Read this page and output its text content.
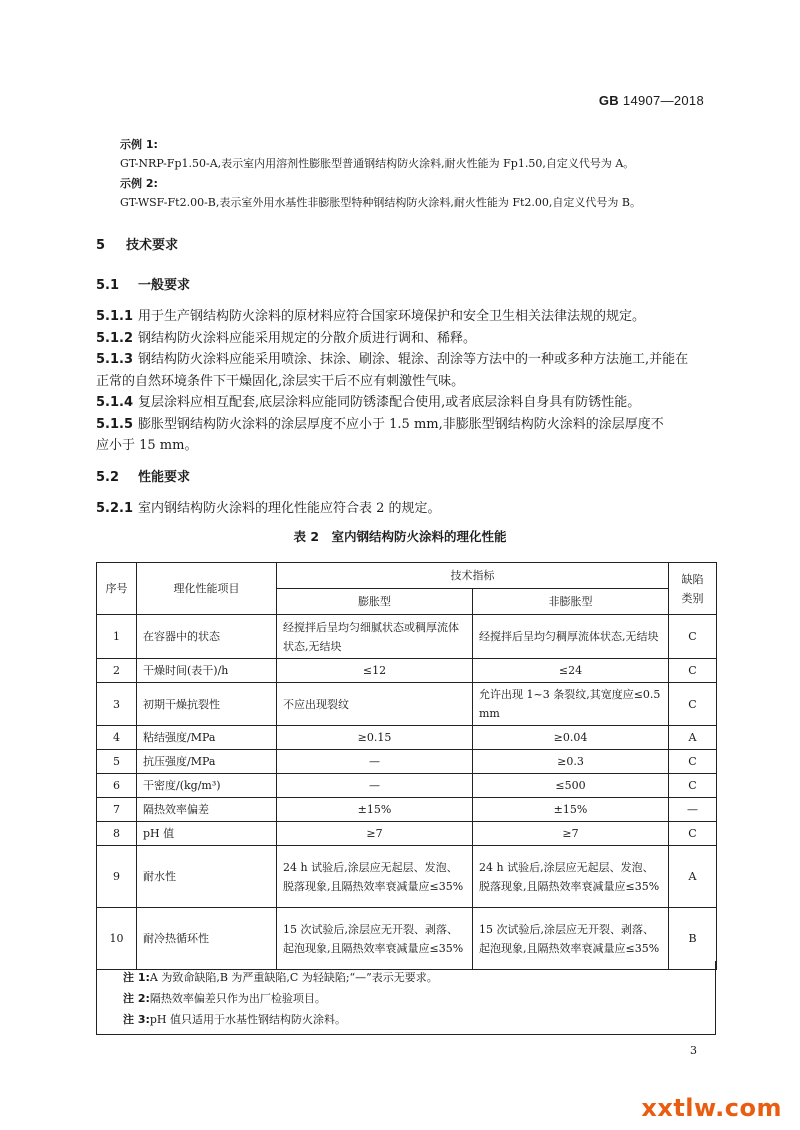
GB 14907—2018
示例 1:
GT-NRP-Fp1.50-A,表示室内用溶剂性膨胀型普通钢结构防火涂料,耐火性能为 Fp1.50,自定义代号为 A。
示例 2:
GT-WSF-Ft2.00-B,表示室外用水基性非膨胀型特种钢结构防火涂料,耐火性能为 Ft2.00,自定义代号为 B。
5 技术要求
5.1 一般要求
5.1.1 用于生产钢结构防火涂料的原材料应符合国家环境保护和安全卫生相关法律法规的规定。
5.1.2 钢结构防火涂料应能采用规定的分散介质进行调和、稀释。
5.1.3 钢结构防火涂料应能采用喷涂、抹涂、刷涂、辊涂、刮涂等方法中的一种或多种方法施工,并能在
正常的自然环境条件下干燥固化,涂层实干后不应有刺激性气味。
5.1.4 复层涂料应相互配套,底层涂料应能同防锈漆配合使用,或者底层涂料自身具有防锈性能。
5.1.5 膨胀型钢结构防火涂料的涂层厚度不应小于 1.5 mm,非膨胀型钢结构防火涂料的涂层厚度不
应小于 15 mm。
5.2 性能要求
5.2.1 室内钢结构防火涂料的理化性能应符合表 2 的规定。
表 2　室内钢结构防火涂料的理化性能
序号	理化性能项目	技术指标		缺陷类别
		膨胀型	非膨胀型	
1	在容器中的状态	经搅拌后呈均匀细腻状态或稠厚流体状态,无结块	经搅拌后呈均匀稠厚流体状态,无结块	C
2	干燥时间(表干)/h	≤12	≤24	C
3	初期干燥抗裂性	不应出现裂纹	允许出现 1~3 条裂纹,其宽度应≤0.5 mm	C
4	粘结强度/MPa	≥0.15	≥0.04	A
5	抗压强度/MPa	—	≥0.3	C
6	干密度/(kg/m³)	—	≤500	C
7	隔热效率偏差	±15%	±15%	—
8	pH 值	≥7	≥7	C
9	耐水性	24 h 试验后,涂层应无起层、发泡、脱落现象,且隔热效率衰减量应≤35%	24 h 试验后,涂层应无起层、发泡、脱落现象,且隔热效率衰减量应≤35%	A
10	耐冷热循环性	15 次试验后,涂层应无开裂、剥落、起泡现象,且隔热效率衰减量应≤35%	15 次试验后,涂层应无开裂、剥落、起泡现象,且隔热效率衰减量应≤35%	B
注 1:A 为致命缺陷,B 为严重缺陷,C 为轻缺陷;“—”表示无要求。
注 2:隔热效率偏差只作为出厂检验项目。
注 3:pH 值只适用于水基性钢结构防火涂料。
3
xxtlw.com
